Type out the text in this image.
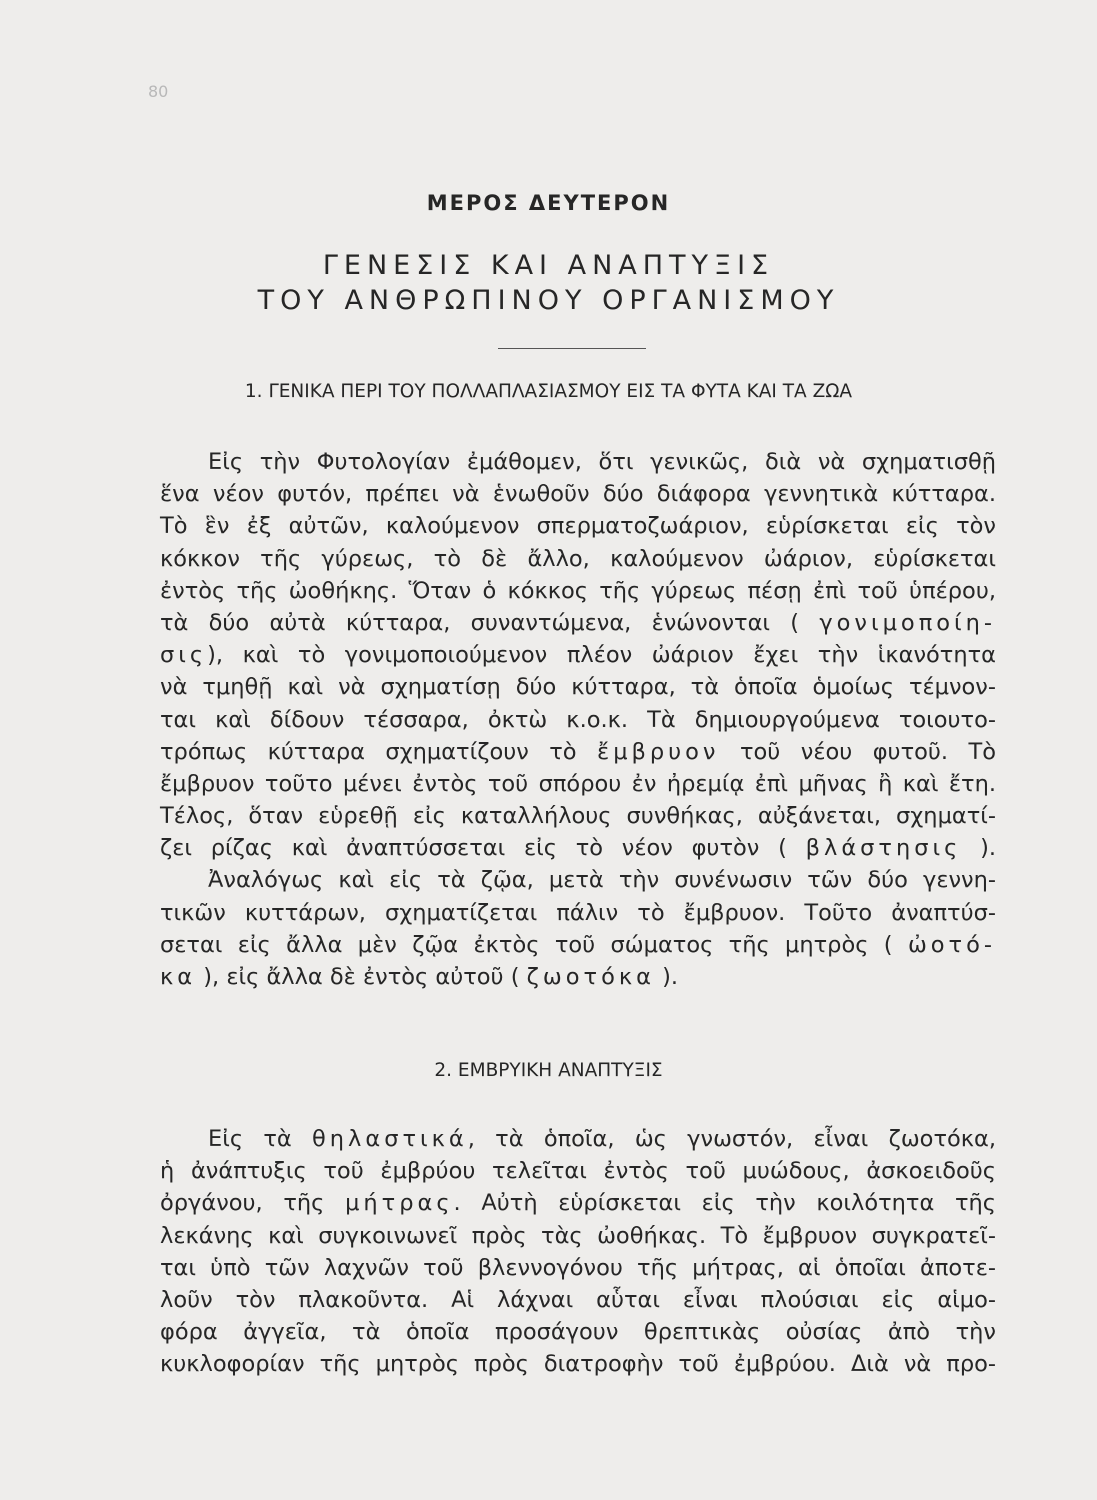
80
ΜΕΡΟΣ ΔΕΥΤΕΡΟΝ
ΓΕΝΕΣΙΣ ΚΑΙ ΑΝΑΠΤΥΞΙΣ
ΤΟΥ ΑΝΘΡΩΠΙΝΟΥ ΟΡΓΑΝΙΣΜΟΥ
1. ΓΕΝΙΚΑ ΠΕΡΙ ΤΟΥ ΠΟΛΛΑΠΛΑΣΙΑΣΜΟΥ ΕΙΣ ΤΑ ΦΥΤΑ ΚΑΙ ΤΑ ΖΩΑ
Εἰς τὴν Φυτολογίαν ἐμάθομεν, ὅτι γενικῶς, διὰ νὰ σχηματισθῇ
ἕνα νέον φυτόν, πρέπει νὰ ἑνωθοῦν δύο διάφορα γεννητικὰ κύτταρα.
Τὸ ἓν ἐξ αὐτῶν, καλούμενον σπερματοζωάριον, εὑρίσκεται εἰς τὸν
κόκκον τῆς γύρεως, τὸ δὲ ἄλλο, καλούμενον ὠάριον, εὑρίσκεται
ἐντὸς τῆς ὠοθήκης. Ὅταν ὁ κόκκος τῆς γύρεως πέσῃ ἐπὶ τοῦ ὑπέρου,
τὰ δύο αὐτὰ κύτταρα, συναντώμενα, ἑνώνονται ( γονιμοποίη-
σις), καὶ τὸ γονιμοποιούμενον πλέον ὠάριον ἔχει τὴν ἱκανότητα
νὰ τμηθῇ καὶ νὰ σχηματίσῃ δύο κύτταρα, τὰ ὁποῖα ὁμοίως τέμνον-
ται καὶ δίδουν τέσσαρα, ὀκτὼ κ.ο.κ. Τὰ δημιουργούμενα τοιουτο-
τρόπως κύτταρα σχηματίζουν τὸ ἔμβρυον τοῦ νέου φυτοῦ. Τὸ
ἔμβρυον τοῦτο μένει ἐντὸς τοῦ σπόρου ἐν ἠρεμίᾳ ἐπὶ μῆνας ἢ καὶ ἔτη.
Τέλος, ὅταν εὑρεθῇ εἰς καταλλήλους συνθήκας, αὐξάνεται, σχηματί-
ζει ρίζας καὶ ἀναπτύσσεται εἰς τὸ νέον φυτὸν ( βλάστησις ).
Ἀναλόγως καὶ εἰς τὰ ζῷα, μετὰ τὴν συνένωσιν τῶν δύο γεννη-
τικῶν κυττάρων, σχηματίζεται πάλιν τὸ ἔμβρυον. Τοῦτο ἀναπτύσ-
σεται εἰς ἄλλα μὲν ζῷα ἐκτὸς τοῦ σώματος τῆς μητρὸς ( ὠοτό-
κα ), εἰς ἄλλα δὲ ἐντὸς αὐτοῦ ( ζωοτόκα ).
2. ΕΜΒΡΥΙΚΗ ΑΝΑΠΤΥΞΙΣ
Εἰς τὰ θηλαστικά, τὰ ὁποῖα, ὡς γνωστόν, εἶναι ζωοτόκα,
ἡ ἀνάπτυξις τοῦ ἐμβρύου τελεῖται ἐντὸς τοῦ μυώδους, ἀσκοειδοῦς
ὀργάνου, τῆς μήτρας. Αὐτὴ εὑρίσκεται εἰς τὴν κοιλότητα τῆς
λεκάνης καὶ συγκοινωνεῖ πρὸς τὰς ὠοθήκας. Τὸ ἔμβρυον συγκρατεῖ-
ται ὑπὸ τῶν λαχνῶν τοῦ βλεννογόνου τῆς μήτρας, αἱ ὁποῖαι ἀποτε-
λοῦν τὸν πλακοῦντα. Αἱ λάχναι αὗται εἶναι πλούσιαι εἰς αἱμο-
φόρα ἀγγεῖα, τὰ ὁποῖα προσάγουν θρεπτικὰς οὐσίας ἀπὸ τὴν
κυκλοφορίαν τῆς μητρὸς πρὸς διατροφὴν τοῦ ἐμβρύου. Διὰ νὰ προ-
